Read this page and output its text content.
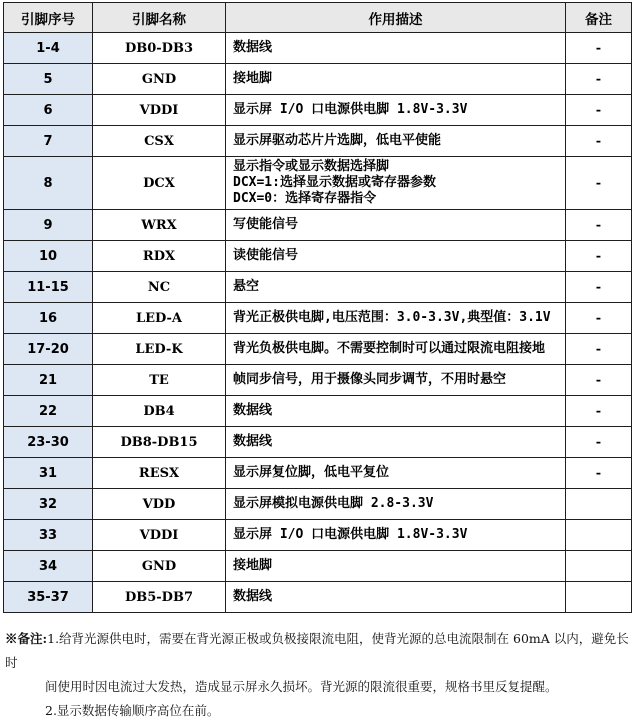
引脚序号	引脚名称	作用描述	备注
1-4	DB0-DB3	数据线	-
5	GND	接地脚	-
6	VDDI	显示屏 I/O 口电源供电脚 1.8V-3.3V	-
7	CSX	显示屏驱动芯片片选脚，低电平使能	-
8	DCX	显示指令或显示数据选择脚
DCX=1:选择显示数据或寄存器参数
DCX=0：选择寄存器指令	-
9	WRX	写使能信号	-
10	RDX	读使能信号	-
11-15	NC	悬空	-
16	LED-A	背光正极供电脚,电压范围：3.0-3.3V,典型值：3.1V	-
17-20	LED-K	背光负极供电脚。不需要控制时可以通过限流电阻接地	-
21	TE	帧同步信号，用于摄像头同步调节，不用时悬空	-
22	DB4	数据线	-
23-30	DB8-DB15	数据线	-
31	RESX	显示屏复位脚，低电平复位	-
32	VDD	显示屏模拟电源供电脚 2.8-3.3V	

33	VDDI	显示屏 I/O 口电源供电脚 1.8V-3.3V	

34	GND	接地脚	

35-37	DB5-DB7	数据线	

※备注:1.给背光源供电时，需要在背光源正极或负极接限流电阻，使背光源的总电流限制在 60mA 以内，避免长时
间使用时因电流过大发热，造成显示屏永久损坏。背光源的限流很重要，规格书里反复提醒。
2.显示数据传输顺序高位在前。
